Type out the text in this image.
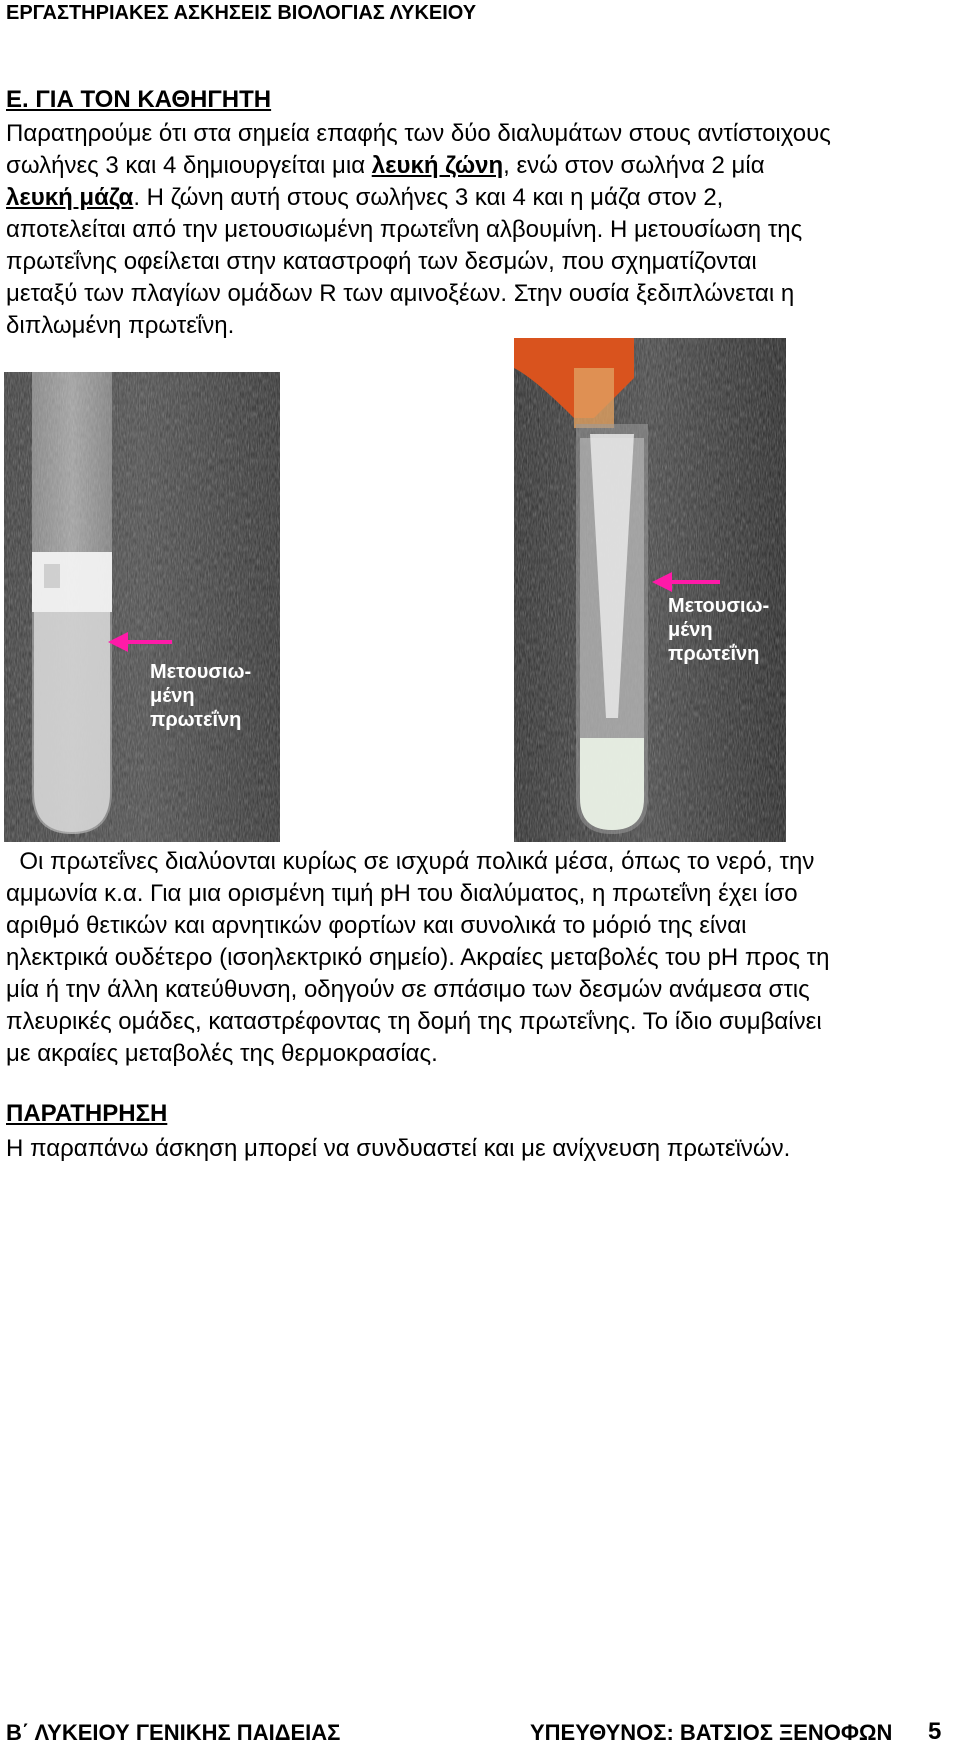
ΕΡΓΑΣΤΗΡΙΑΚΕΣ ΑΣΚΗΣΕΙΣ ΒΙΟΛΟΓΙΑΣ ΛΥΚΕΙΟΥ
Ε. ΓΙΑ ΤΟΝ ΚΑΘΗΓΗΤΗ
Παρατηρούμε ότι στα σημεία επαφής των δύο διαλυμάτων στους αντίστοιχους
σωλήνες 3 και 4 δημιουργείται μια λευκή ζώνη, ενώ στον σωλήνα 2 μία
λευκή μάζα. Η ζώνη αυτή στους σωλήνες 3 και 4 και η μάζα στον 2,
αποτελείται από την μετουσιωμένη πρωτεΐνη αλβουμίνη. Η μετουσίωση της
πρωτεΐνης οφείλεται στην καταστροφή των δεσμών, που σχηματίζονται
μεταξύ των πλαγίων ομάδων R των αμινοξέων. Στην ουσία ξεδιπλώνεται η
διπλωμένη πρωτεΐνη.
Μετουσιω-
μένη
πρωτεΐνη
Μετουσιω-
μένη
πρωτεΐνη
Οι πρωτεΐνες διαλύονται κυρίως σε ισχυρά πολικά μέσα, όπως το νερό, την
αμμωνία κ.α. Για μια ορισμένη τιμή pH του διαλύματος, η πρωτεΐνη έχει ίσο
αριθμό θετικών και αρνητικών φορτίων και συνολικά το μόριό της είναι
ηλεκτρικά ουδέτερο (ισοηλεκτρικό σημείο). Ακραίες μεταβολές του pH προς τη
μία ή την άλλη κατεύθυνση, οδηγούν σε σπάσιμο των δεσμών ανάμεσα στις
πλευρικές ομάδες, καταστρέφοντας τη δομή της πρωτεΐνης. Το ίδιο συμβαίνει
με ακραίες μεταβολές της θερμοκρασίας.
ΠΑΡΑΤΗΡΗΣΗ
Η παραπάνω άσκηση μπορεί να συνδυαστεί και με ανίχνευση πρωτεϊνών.
Β΄ ΛΥΚΕΙΟΥ ΓΕΝΙΚΗΣ ΠΑΙΔΕΙΑΣ	ΥΠΕΥΘΥΝΟΣ: ΒΑΤΣΙΟΣ ΞΕΝΟΦΩΝ 5
